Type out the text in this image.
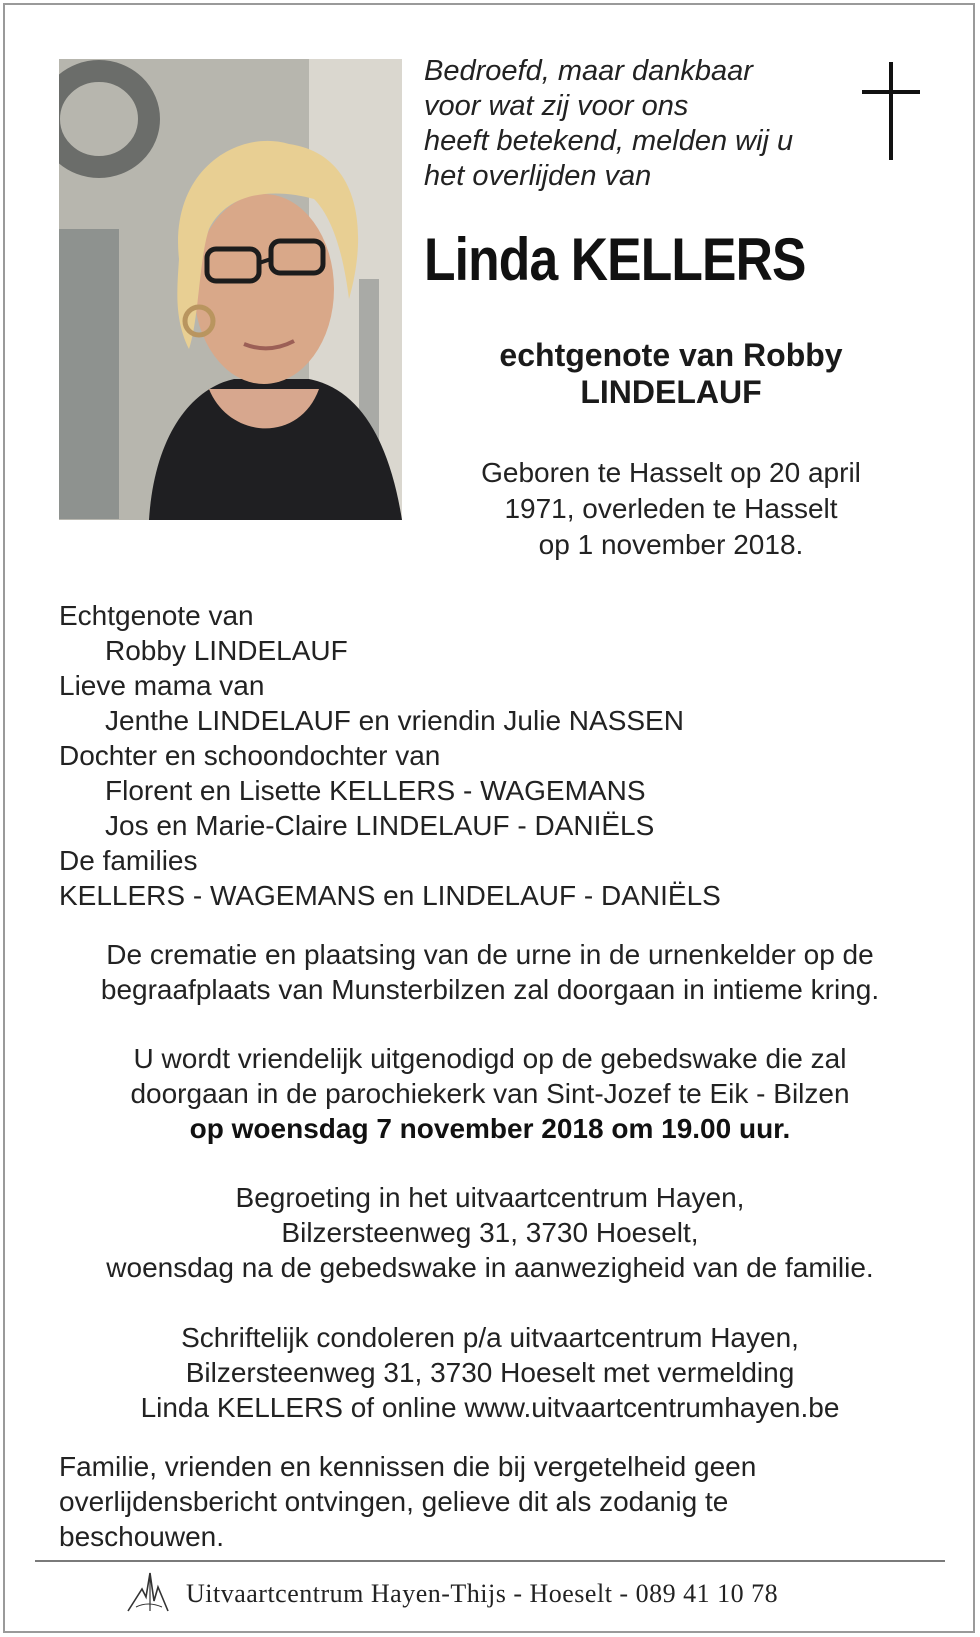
Bedroefd, maar dankbaar
voor wat zij voor ons
heeft betekend, melden wij u
het overlijden van
Linda KELLERS
echtgenote van Robby
LINDELAUF
Geboren te Hasselt op 20 april
1971, overleden te Hasselt
op 1 november 2018.
Echtgenote van
Robby LINDELAUF
Lieve mama van
Jenthe LINDELAUF en vriendin Julie NASSEN
Dochter en schoondochter van
Florent en Lisette KELLERS - WAGEMANS
Jos en Marie-Claire LINDELAUF - DANIËLS
De families
KELLERS - WAGEMANS en LINDELAUF - DANIËLS
De crematie en plaatsing van de urne in de urnenkelder op de
begraafplaats van Munsterbilzen zal doorgaan in intieme kring.
U wordt vriendelijk uitgenodigd op de gebedswake die zal
doorgaan in de parochiekerk van Sint-Jozef te Eik - Bilzen
op woensdag 7 november 2018 om 19.00 uur.
Begroeting in het uitvaartcentrum Hayen,
Bilzersteenweg 31, 3730 Hoeselt,
woensdag na de gebedswake in aanwezigheid van de familie.
Schriftelijk condoleren p/a uitvaartcentrum Hayen,
Bilzersteenweg 31, 3730 Hoeselt met vermelding
Linda KELLERS of online www.uitvaartcentrumhayen.be
Familie, vrienden en kennissen die bij vergetelheid geen
overlijdensbericht ontvingen, gelieve dit als zodanig te
beschouwen.
Uitvaartcentrum Hayen-Thijs - Hoeselt - 089 41 10 78
